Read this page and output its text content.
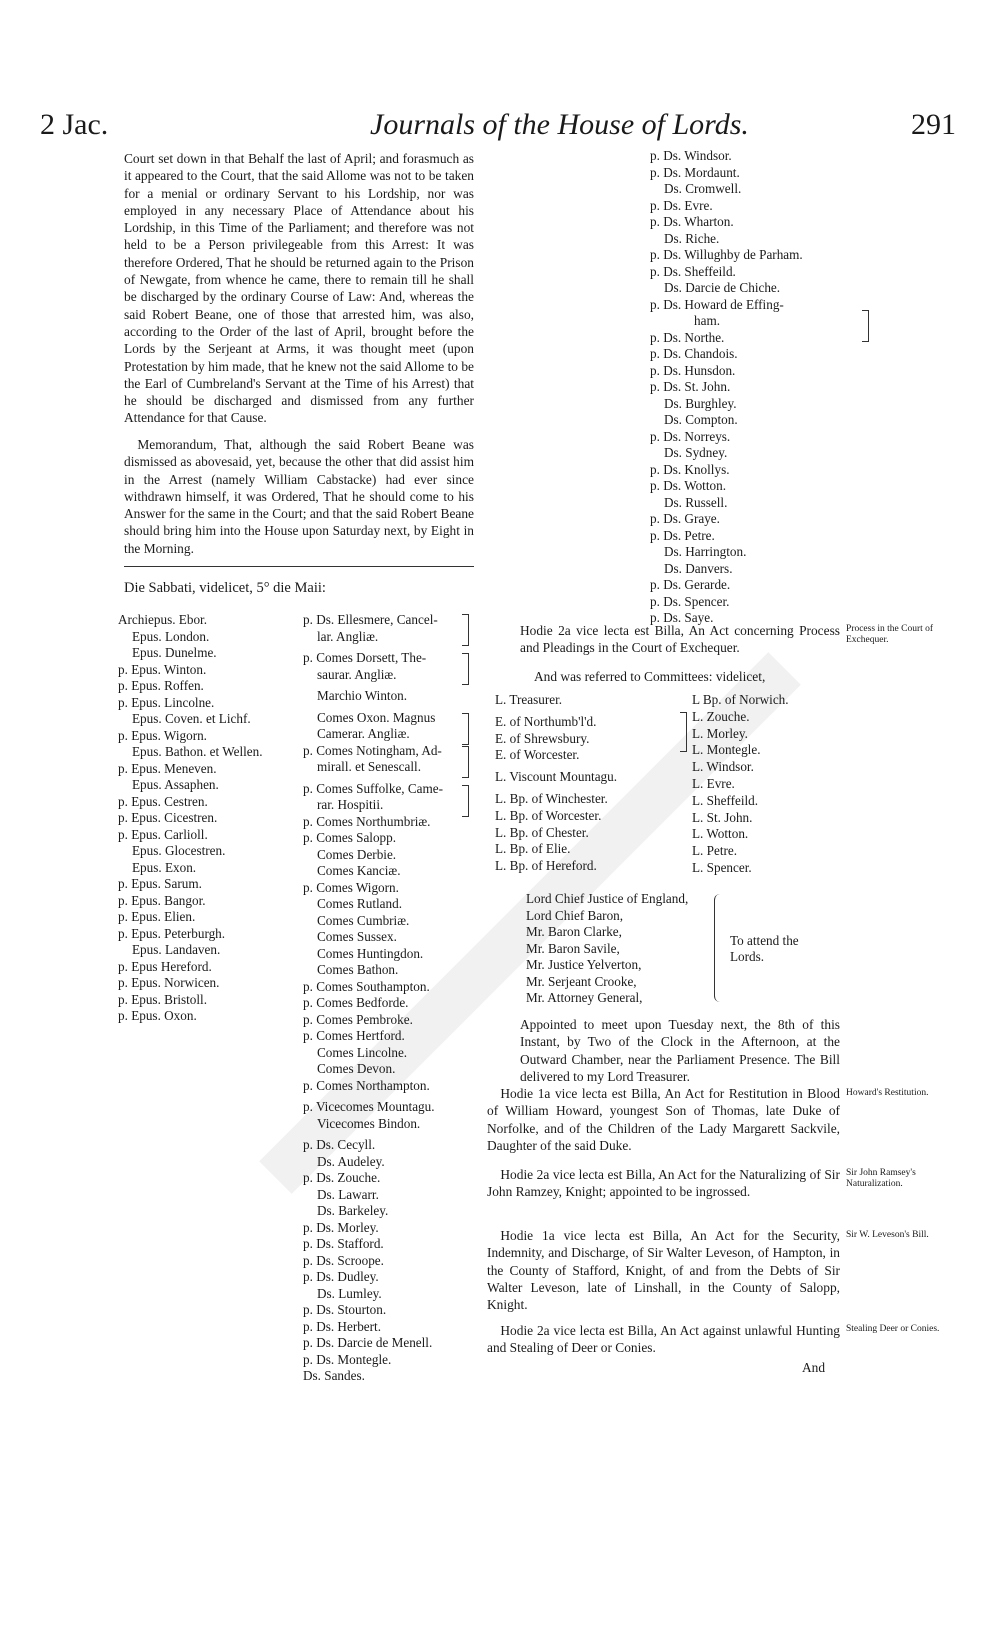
2 Jac.	Journals of the House of Lords.	291
Court set down in that Behalf the last of April; and forasmuch as it appeared to the Court, that the said Allome was not to be taken for a menial or ordinary Servant to his Lordship, nor was employed in any necessary Place of Attendance about his Lordship, in this Time of the Parliament; and therefore was not held to be a Person privilegeable from this Arrest: It was therefore Ordered, That he should be returned again to the Prison of Newgate, from whence he came, there to remain till he shall be discharged by the ordinary Course of Law: And, whereas the said Robert Beane, one of those that arrested him, was also, according to the Order of the last of April, brought before the Lords by the Serjeant at Arms, it was thought meet (upon Protestation by him made, that he knew not the said Allome to be the Earl of Cumbreland's Servant at the Time of his Arrest) that he should be discharged and dismissed from any further Attendance for that Cause.
Memorandum, That, although the said Robert Beane was dismissed as abovesaid, yet, because the other that did assist him in the Arrest (namely William Cabstacke) had ever since withdrawn himself, it was Ordered, That he should come to his Answer for the same in the Court; and that the said Robert Beane should bring him into the House upon Saturday next, by Eight in the Morning.
Die Sabbati, videlicet, 5° die Maii:
Archiepus. Ebor.
Epus. London.
Epus. Dunelme.
p. Epus. Winton.
p. Epus. Roffen.
p. Epus. Lincolne.
Epus. Coven. et Lichf.
p. Epus. Wigorn.
Epus. Bathon. et Wellen.
p. Epus. Meneven.
Epus. Assaphen.
p. Epus. Cestren.
p. Epus. Cicestren.
p. Epus. Carlioll.
Epus. Glocestren.
Epus. Exon.
p. Epus. Sarum.
p. Epus. Bangor.
p. Epus. Elien.
p. Epus. Peterburgh.
Epus. Landaven.
p. Epus Hereford.
p. Epus. Norwicen.
p. Epus. Bristoll.
p. Epus. Oxon.
p. Ds. Ellesmere, Cancel-
lar. Angliæ.
p. Comes Dorsett, The-
saurar. Angliæ.
Marchio Winton.
Comes Oxon. Magnus
Camerar. Angliæ.
p. Comes Notingham, Ad-
mirall. et Senescall.
p. Comes Suffolke, Came-
rar. Hospitii.
p. Comes Northumbriæ.
p. Comes Salopp.
Comes Derbie.
Comes Kanciæ.
p. Comes Wigorn.
Comes Rutland.
Comes Cumbriæ.
Comes Sussex.
Comes Huntingdon.
Comes Bathon.
p. Comes Southampton.
p. Comes Bedforde.
p. Comes Pembroke.
p. Comes Hertford.
Comes Lincolne.
Comes Devon.
p. Comes Northampton.
p. Vicecomes Mountagu.
Vicecomes Bindon.
p. Ds. Cecyll.
Ds. Audeley.
p. Ds. Zouche.
Ds. Lawarr.
Ds. Barkeley.
p. Ds. Morley.
p. Ds. Stafford.
p. Ds. Scroope.
p. Ds. Dudley.
Ds. Lumley.
p. Ds. Stourton.
p. Ds. Herbert.
p. Ds. Darcie de Menell.
p. Ds. Montegle.
Ds. Sandes.
p. Ds. Windsor.
p. Ds. Mordaunt.
Ds. Cromwell.
p. Ds. Evre.
p. Ds. Wharton.
Ds. Riche.
p. Ds. Willughby de Parham.
p. Ds. Sheffeild.
Ds. Darcie de Chiche.
p. Ds. Howard de Effing-
ham.
p. Ds. Northe.
p. Ds. Chandois.
p. Ds. Hunsdon.
p. Ds. St. John.
Ds. Burghley.
Ds. Compton.
p. Ds. Norreys.
Ds. Sydney.
p. Ds. Knollys.
p. Ds. Wotton.
Ds. Russell.
p. Ds. Graye.
p. Ds. Petre.
Ds. Harrington.
Ds. Danvers.
p. Ds. Gerarde.
p. Ds. Spencer.
p. Ds. Saye.
Hodie 2a vice lecta est Billa, An Act concerning Process and Pleadings in the Court of Exchequer.
Process in the Court of Exchequer.
And was referred to Committees: videlicet,
L. Treasurer.
E. of Northumb'l'd.
E. of Shrewsbury.
E. of Worcester.
L. Viscount Mountagu.
L. Bp. of Winchester.
L. Bp. of Worcester.
L. Bp. of Chester.
L. Bp. of Elie.
L. Bp. of Hereford.
L Bp. of Norwich.
L. Zouche.
L. Morley.
L. Montegle.
L. Windsor.
L. Evre.
L. Sheffeild.
L. St. John.
L. Wotton.
L. Petre.
L. Spencer.
Lord Chief Justice of England,
Lord Chief Baron,
Mr. Baron Clarke,
Mr. Baron Savile,
Mr. Justice Yelverton,
Mr. Serjeant Crooke,
Mr. Attorney General,
To attend the Lords.
Appointed to meet upon Tuesday next, the 8th of this Instant, by Two of the Clock in the Afternoon, at the Outward Chamber, near the Parliament Presence. The Bill delivered to my Lord Treasurer.
Hodie 1a vice lecta est Billa, An Act for Restitution in Blood of William Howard, youngest Son of Thomas, late Duke of Norfolke, and of the Children of the Lady Margarett Sackvile, Daughter of the said Duke.
Howard's Restitution.
Hodie 2a vice lecta est Billa, An Act for the Naturalizing of Sir John Ramzey, Knight; appointed to be ingrossed.
Sir John Ramsey's Naturalization.
Hodie 1a vice lecta est Billa, An Act for the Security, Indemnity, and Discharge, of Sir Walter Leveson, of Hampton, in the County of Stafford, Knight, of and from the Debts of Sir Walter Leveson, late of Linshall, in the County of Salopp, Knight.
Sir W. Leveson's Bill.
Hodie 2a vice lecta est Billa, An Act against unlawful Hunting and Stealing of Deer or Conies.
Stealing Deer or Conies.
And
